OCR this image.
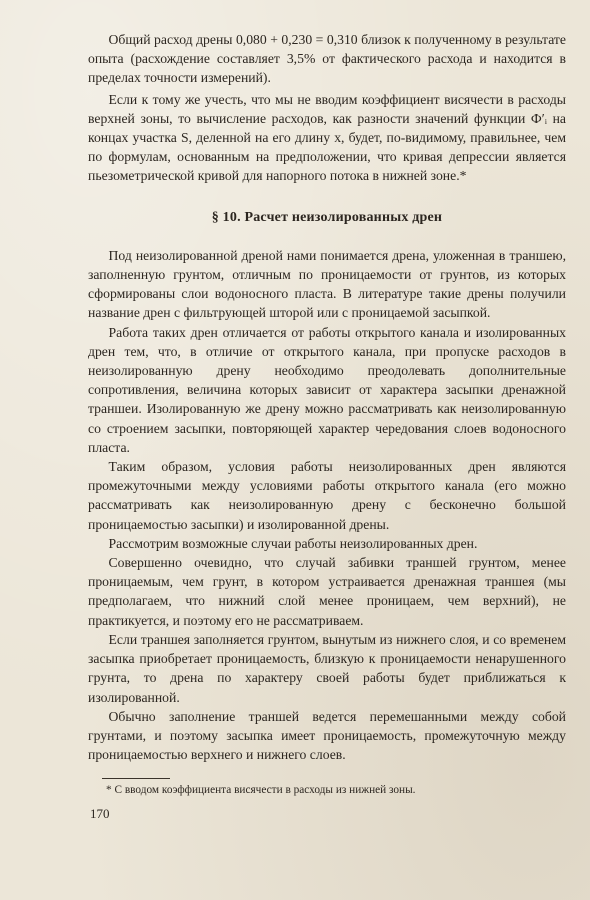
Общий расход дрены 0,080 + 0,230 = 0,310 близок к полученному в результате опыта (расхождение составляет 3,5% от фактического расхода и находится в пределах точности измерений).

Если к тому же учесть, что мы не вводим коэффициент висячести в расходы верхней зоны, то вычисление расходов, как разности значений функции Ф′ᵢ на концах участка S, деленной на его длину x, будет, по-видимому, правильнее, чем по формулам, основанным на предположении, что кривая депрессии является пьезометрической кривой для напорного потока в нижней зоне.*

§ 10. Расчет неизолированных дрен

Под неизолированной дреной нами понимается дрена, уложенная в траншею, заполненную грунтом, отличным по проницаемости от грунтов, из которых сформированы слои водоносного пласта. В литературе такие дрены получили название дрен с фильтрующей шторой или с проницаемой засыпкой.

Работа таких дрен отличается от работы открытого канала и изолированных дрен тем, что, в отличие от открытого канала, при пропуске расходов в неизолированную дрену необходимо преодолевать дополнительные сопротивления, величина которых зависит от характера засыпки дренажной траншеи. Изолированную же дрену можно рассматривать как неизолированную со строением засыпки, повторяющей характер чередования слоев водоносного пласта.

Таким образом, условия работы неизолированных дрен являются промежуточными между условиями работы открытого канала (его можно рассматривать как неизолированную дрену с бесконечно большой проницаемостью засыпки) и изолированной дрены.

Рассмотрим возможные случаи работы неизолированных дрен.

Совершенно очевидно, что случай забивки траншей грунтом, менее проницаемым, чем грунт, в котором устраивается дренажная траншея (мы предполагаем, что нижний слой менее проницаем, чем верхний), не практикуется, и поэтому его не рассматриваем.

Если траншея заполняется грунтом, вынутым из нижнего слоя, и со временем засыпка приобретает проницаемость, близкую к проницаемости ненарушенного грунта, то дрена по характеру своей работы будет приближаться к изолированной.

Обычно заполнение траншей ведется перемешанными между собой грунтами, и поэтому засыпка имеет проницаемость, промежуточную между проницаемостью верхнего и нижнего слоев.

* С вводом коэффициента висячести в расходы из нижней зоны.

170
